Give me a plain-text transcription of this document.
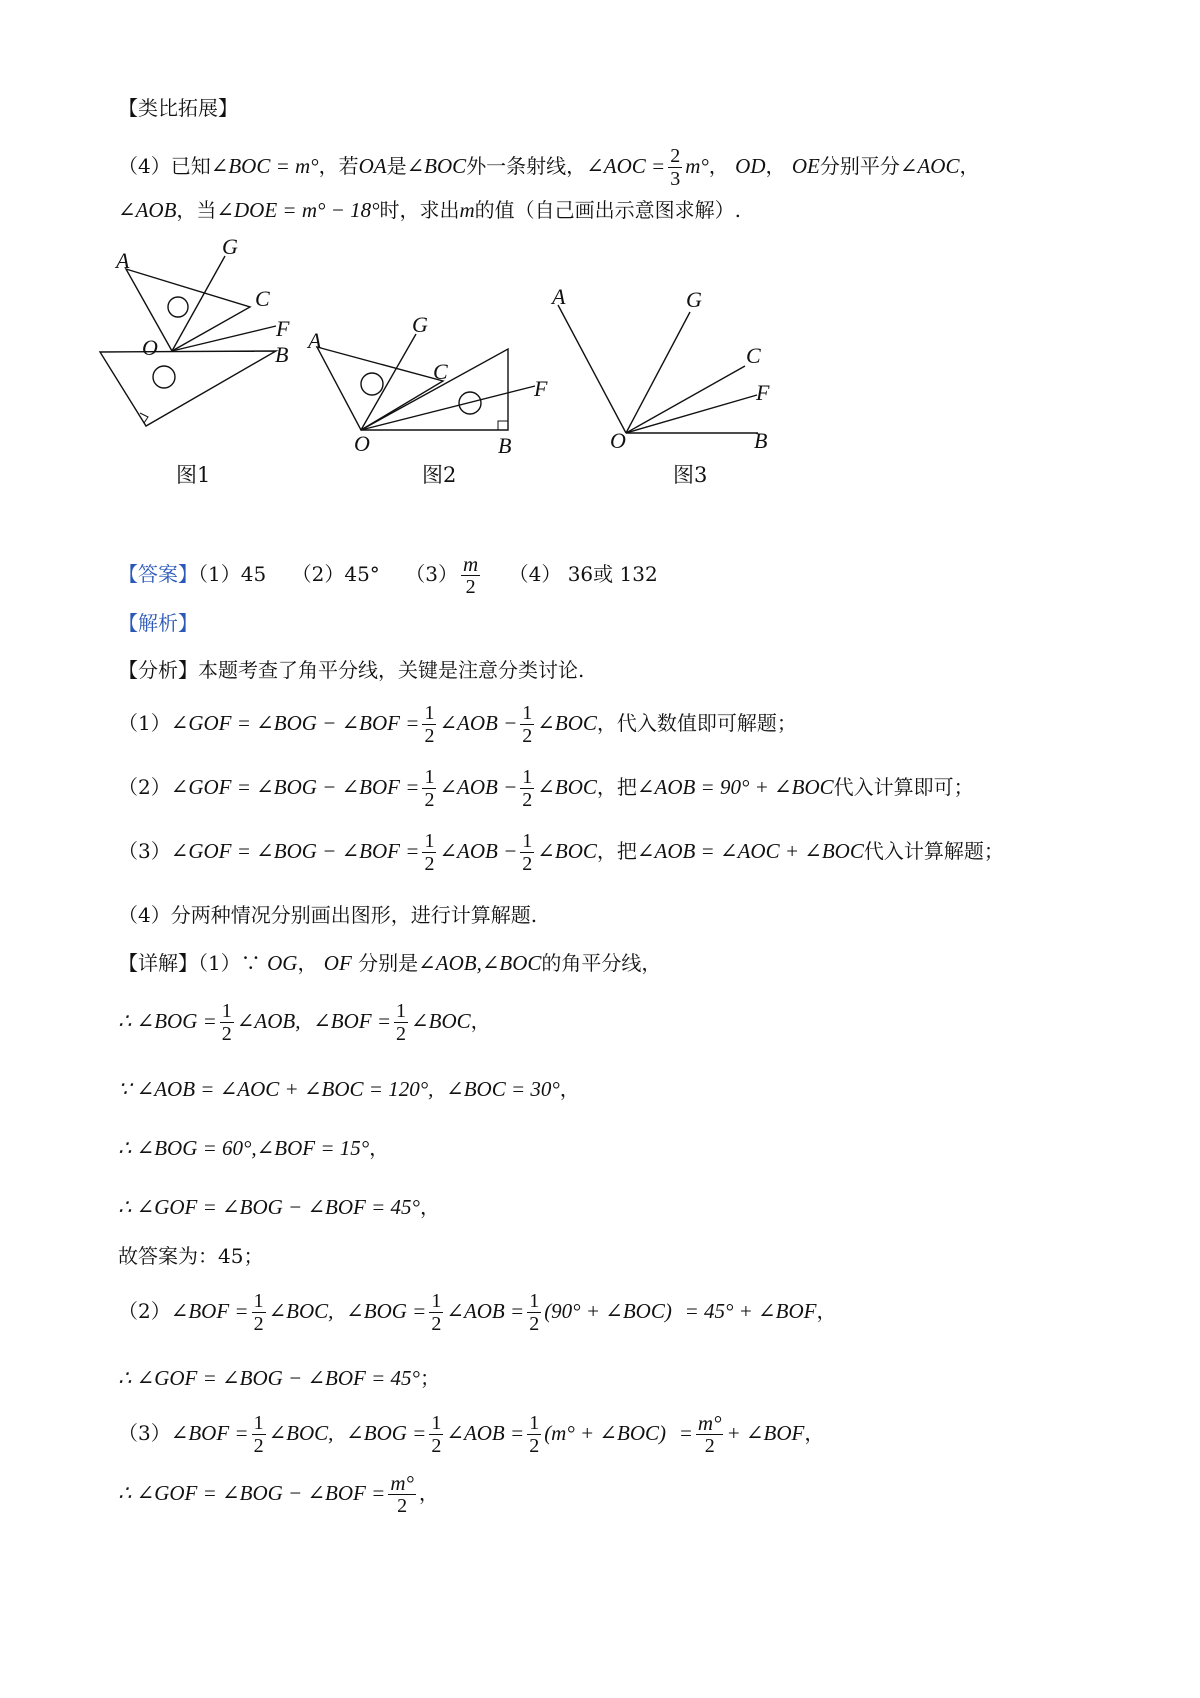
【类比拓展】
（4）已知∠BOC = m°，若OA是∠BOC外一条射线，∠AOC = $\frac{2}{3} m^\circ$， OD， OE分别平分∠AOC，
∠AOB，当∠DOE = m° − 18°时，求出m的值（自己画出示意图求解）.
A
G
C
F
O	B
图1
A
G
C
F
O	B
图2
A	G
C
F
O	B
图3
【答案】（1）45 （2）45° $(3) \frac{m}{2} (4)$ 36或 132
【解析】
【分析】本题考查了角平分线，关键是注意分类讨论.
（1）∠GOF = ∠BOG − ∠BOF = $\frac{1}{2}$ ∠AOB − $\frac{1}{2}$ ∠BOC，代入数值即可解题；
（2）∠GOF = ∠BOG − ∠BOF = $\frac{1}{2}$ ∠AOB − $\frac{1}{2}$ ∠BOC，把∠AOB = 90° + ∠BOC代入计算即可；
（3）∠GOF = ∠BOG − ∠BOF = $\frac{1}{2}$ ∠AOB − $\frac{1}{2}$ ∠BOC，把∠AOB = ∠AOC + ∠BOC代入计算解题；
（4）分两种情况分别画出图形，进行计算解题.
【详解】（1）∵ OG， OF 分别是∠AOB,∠BOC的角平分线，
∴ ∠BOG = $\frac{1}{2}$ ∠AOB, ∠BOF = $\frac{1}{2}$ ∠BOC，
∵ ∠AOB = ∠AOC + ∠BOC = 120°, ∠BOC = 30°，
∴ ∠BOG = 60°,∠BOF = 15°，
∴ ∠GOF = ∠BOG − ∠BOF = 45°，
故答案为：45；
（2）∠BOF = $\frac{1}{2}$ ∠BOC, ∠BOG = $\frac{1}{2}$ ∠AOB = $\frac{1}{2} (90^\circ$ + ∠BOC) = 45° + ∠BOF，
∴ ∠GOF = ∠BOG − ∠BOF = 45°；
（3）∠BOF = $\frac{1}{2}$ ∠BOC, ∠BOG = $\frac{1}{2}$ ∠AOB = $\frac{1}{2} (m^\circ$ + ∠BOC) = $\frac{m^\circ}{2}$ + ∠BOF，
∴ ∠GOF = ∠BOG − ∠BOF = $\frac{m^\circ}{2}$ ，
